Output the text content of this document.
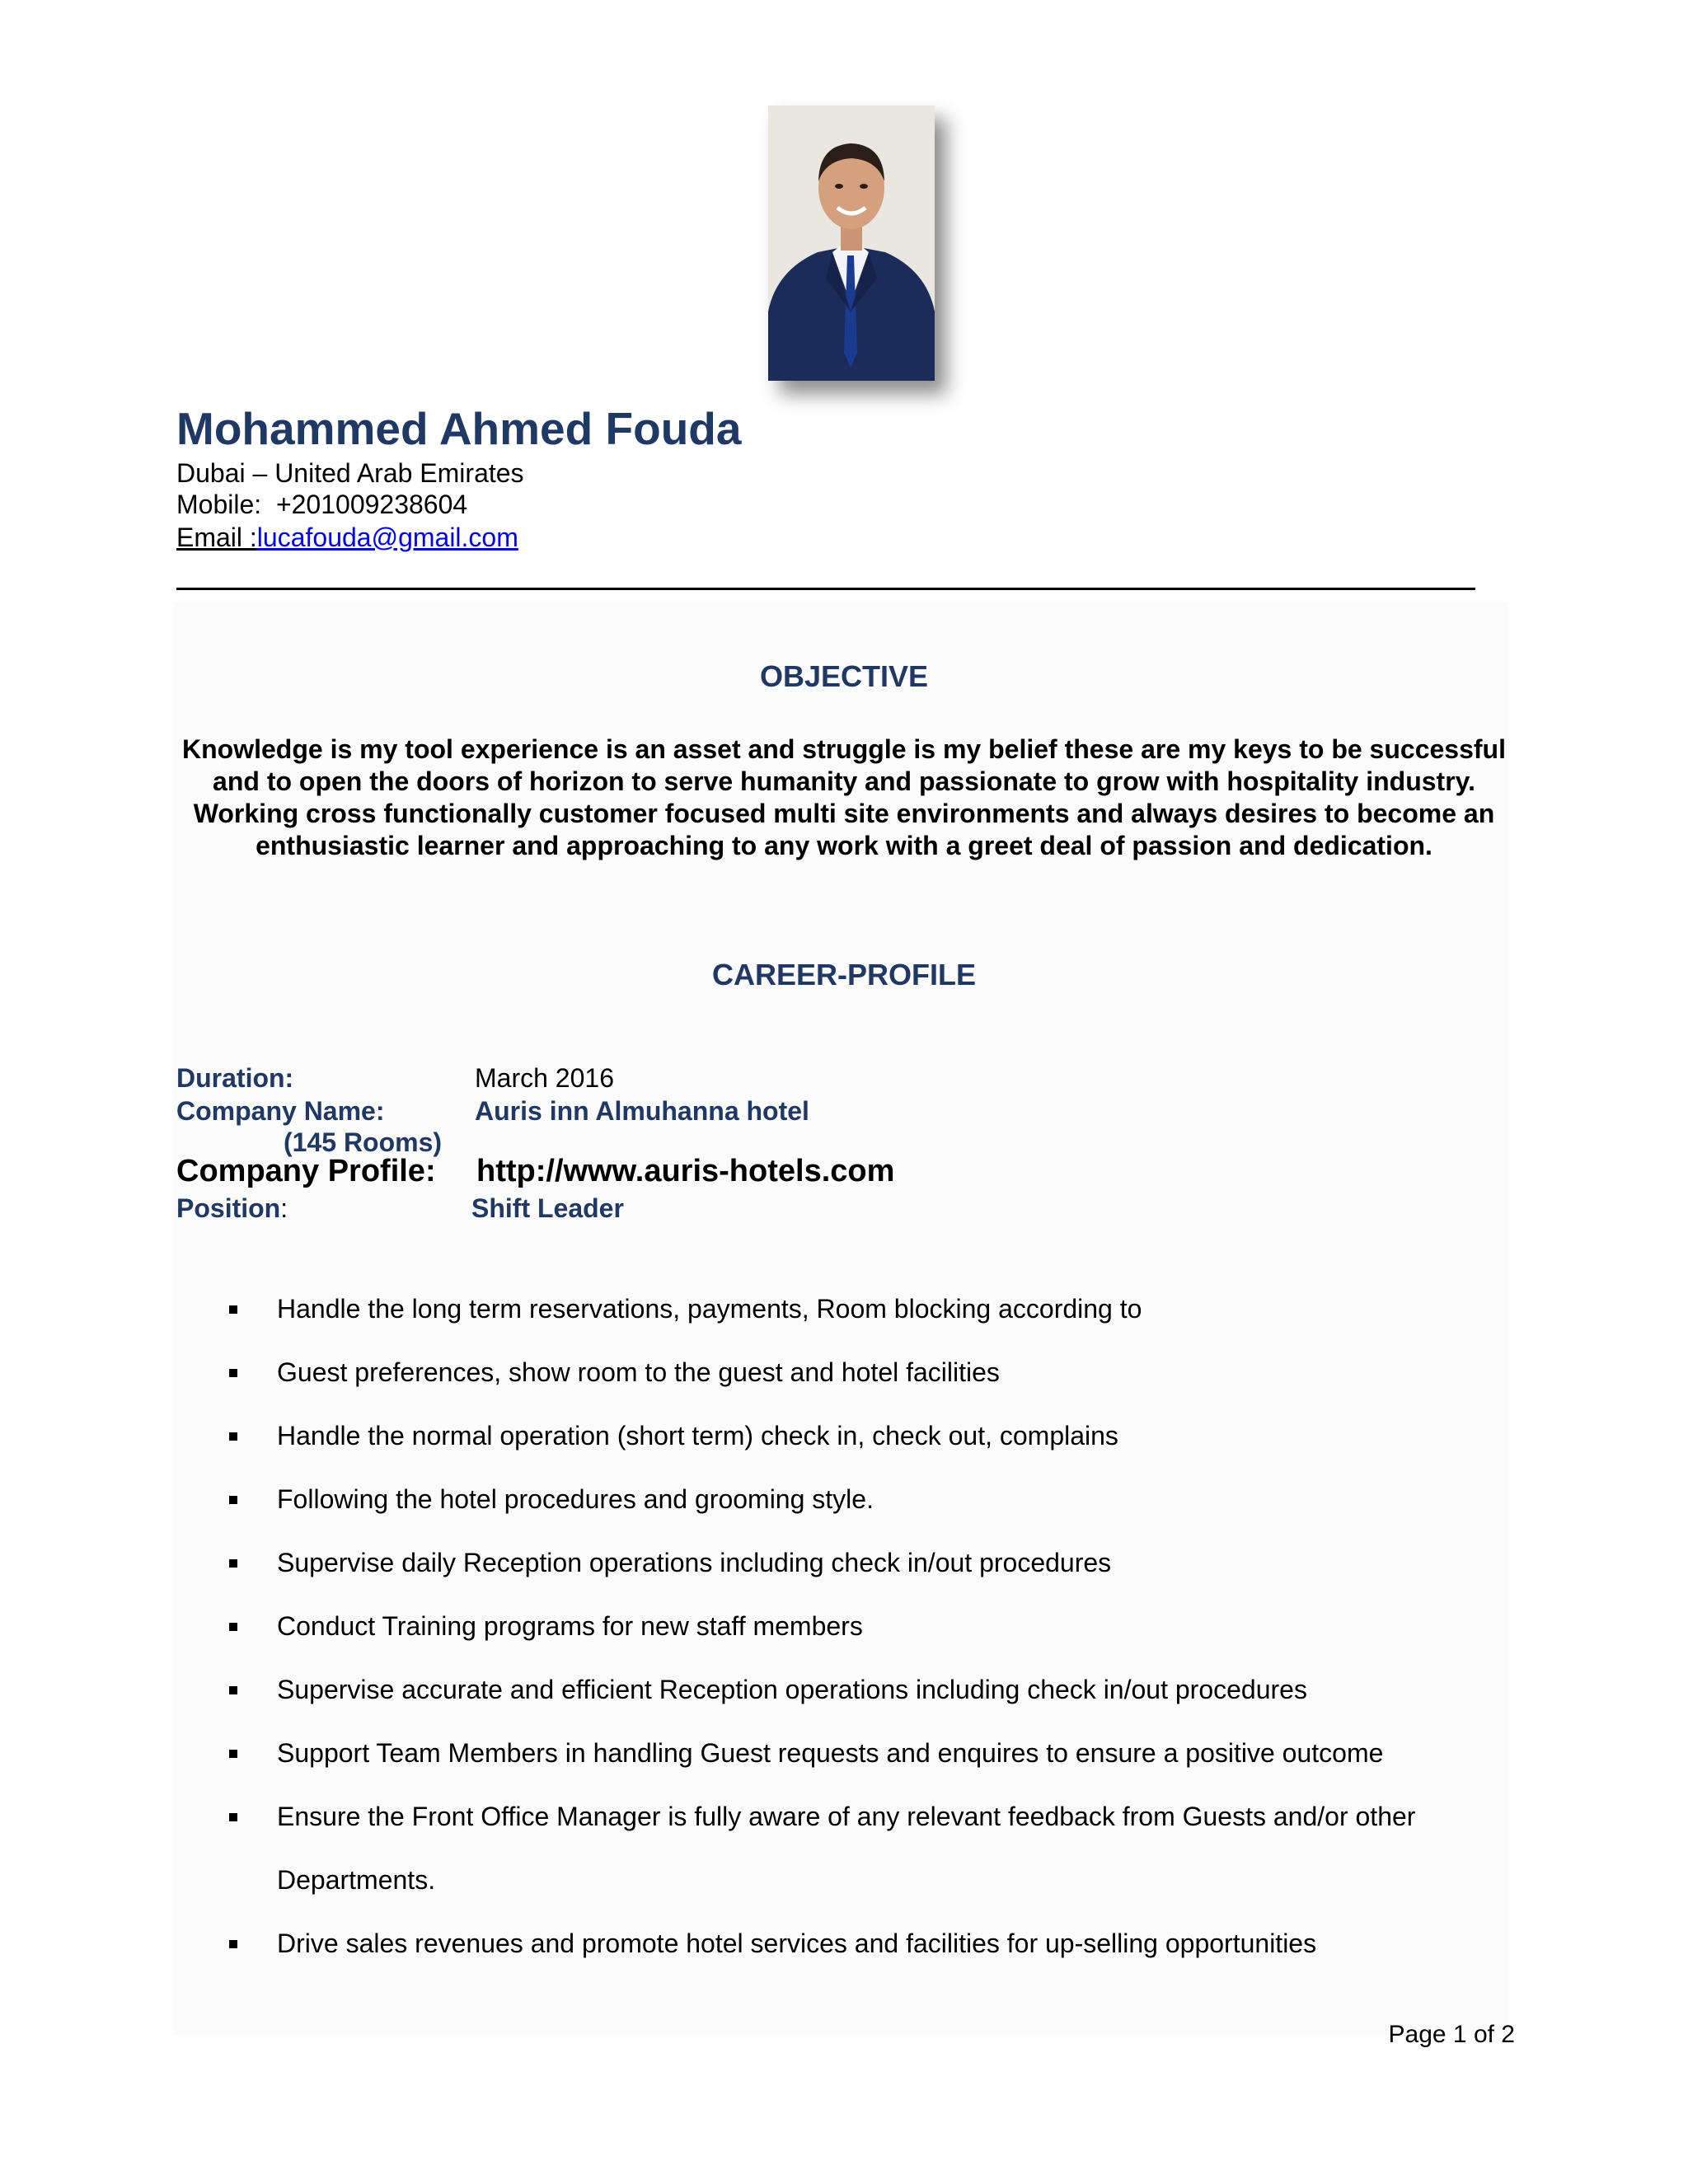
Mohammed Ahmed Fouda
Dubai – United Arab Emirates
Mobile: +201009238604
Email :lucafouda@gmail.com
OBJECTIVE
Knowledge is my tool experience is an asset and struggle is my belief these are my keys to be successful and to open the doors of horizon to serve humanity and passionate to grow with hospitality industry. Working cross functionally customer focused multi site environments and always desires to become an enthusiastic learner and approaching to any work with a greet deal of passion and dedication.
CAREER-PROFILE
Duration:	March 2016
Company Name:	Auris inn Almuhanna hotel
(145 Rooms)
Company Profile: http://www.auris-hotels.com
Position:	Shift Leader
Handle the long term reservations, payments, Room blocking according to
Guest preferences, show room to the guest and hotel facilities
Handle the normal operation (short term) check in, check out, complains
Following the hotel procedures and grooming style.
Supervise daily Reception operations including check in/out procedures
Conduct Training programs for new staff members
Supervise accurate and efficient Reception operations including check in/out procedures
Support Team Members in handling Guest requests and enquires to ensure a positive outcome
Ensure the Front Office Manager is fully aware of any relevant feedback from Guests and/or other
Departments.
Drive sales revenues and promote hotel services and facilities for up-selling opportunities
Page 1 of 2
